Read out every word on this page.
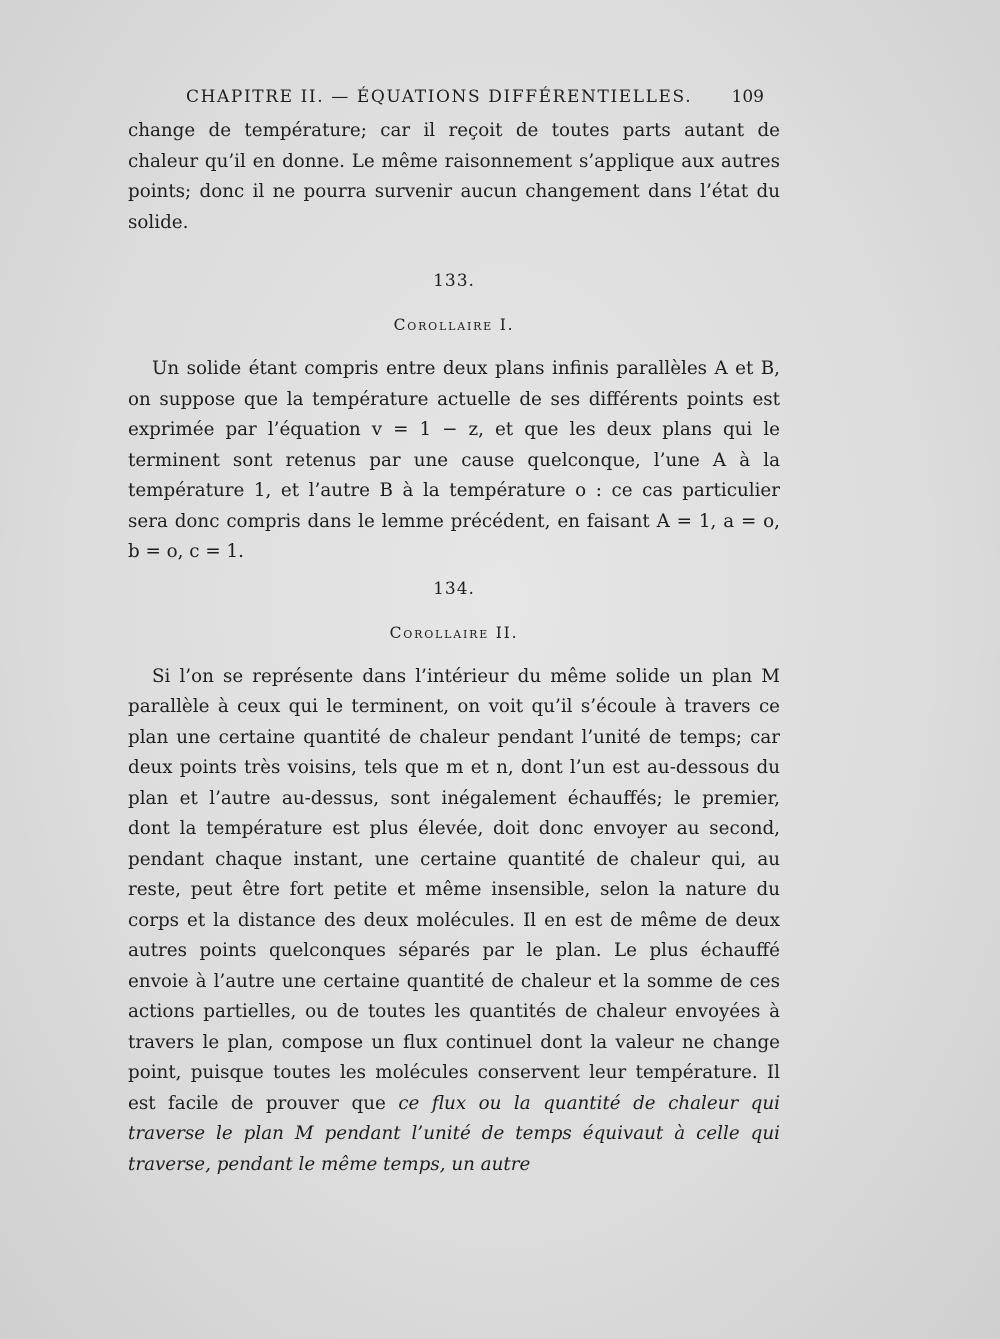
CHAPITRE II. — ÉQUATIONS DIFFÉRENTIELLES. 109

change de température; car il reçoit de toutes parts autant de chaleur qu’il en donne. Le même raisonnement s’applique aux autres points; donc il ne pourra survenir aucun changement dans l’état du solide.

133.
Corollaire I.

Un solide étant compris entre deux plans infinis parallèles A et B, on suppose que la température actuelle de ses différents points est exprimée par l’équation v = 1 − z, et que les deux plans qui le terminent sont retenus par une cause quelconque, l’une A à la température 1, et l’autre B à la température o : ce cas particulier sera donc compris dans le lemme précédent, en faisant A = 1, a = o, b = o, c = 1.

134.
Corollaire II.

Si l’on se représente dans l’intérieur du même solide un plan M parallèle à ceux qui le terminent, on voit qu’il s’écoule à travers ce plan une certaine quantité de chaleur pendant l’unité de temps; car deux points très voisins, tels que m et n, dont l’un est au-dessous du plan et l’autre au-dessus, sont inégalement échauffés; le premier, dont la température est plus élevée, doit donc envoyer au second, pendant chaque instant, une certaine quantité de chaleur qui, au reste, peut être fort petite et même insensible, selon la nature du corps et la distance des deux molécules. Il en est de même de deux autres points quelconques séparés par le plan. Le plus échauffé envoie à l’autre une certaine quantité de chaleur et la somme de ces actions partielles, ou de toutes les quantités de chaleur envoyées à travers le plan, compose un flux continuel dont la valeur ne change point, puisque toutes les molécules conservent leur température. Il est facile de prouver que ce flux ou la quantité de chaleur qui traverse le plan M pendant l’unité de temps équivaut à celle qui traverse, pendant le même temps, un autre
